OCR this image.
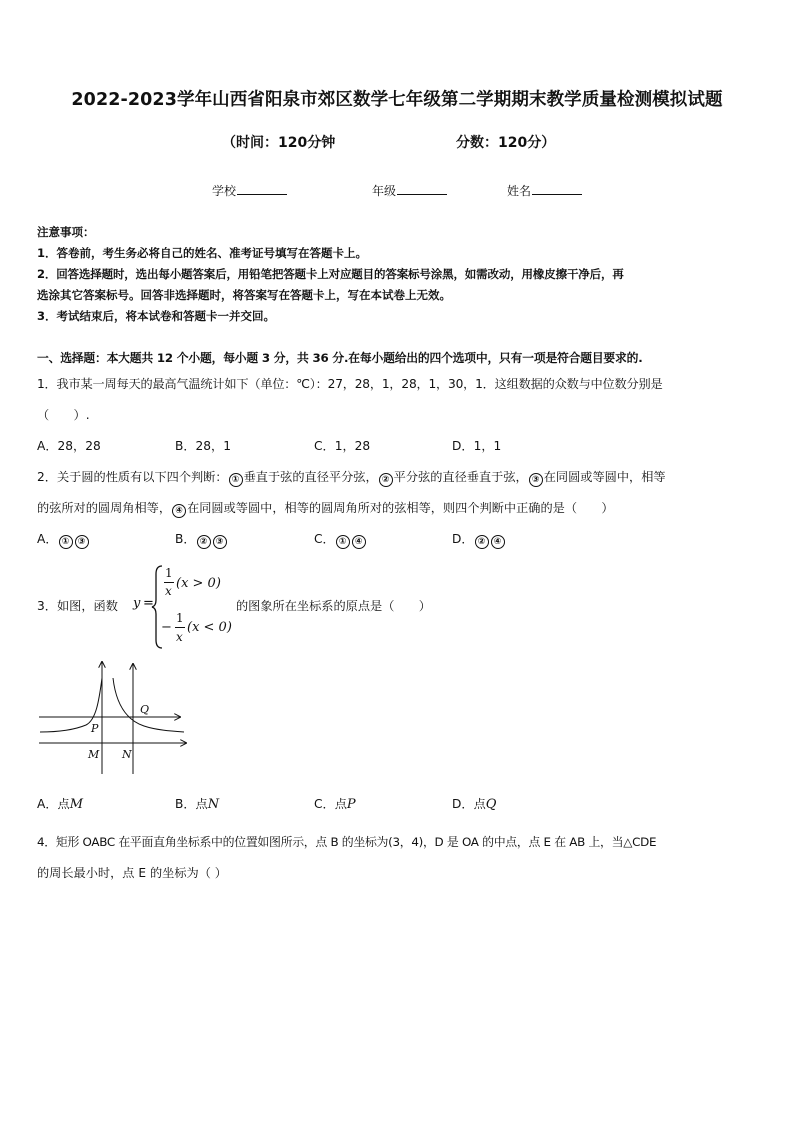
2022-2023学年山西省阳泉市郊区数学七年级第二学期期末教学质量检测模拟试题
（时间：120分钟	分数：120分）
学校	年级	姓名
注意事项：
1．答卷前，考生务必将自己的姓名、准考证号填写在答题卡上。
2．回答选择题时，选出每小题答案后，用铅笔把答题卡上对应题目的答案标号涂黑，如需改动，用橡皮擦干净后，再
选涂其它答案标号。回答非选择题时，将答案写在答题卡上，写在本试卷上无效。
3．考试结束后，将本试卷和答题卡一并交回。
一、选择题：本大题共 12 个小题，每小题 3 分，共 36 分.在每小题给出的四个选项中，只有一项是符合题目要求的.
1．我市某一周每天的最高气温统计如下（单位：℃）：27，28，1，28，1，30，1．这组数据的众数与中位数分别是
（　　）.
A．28，28	B．28，1	C．1，28	D．1，1
2．关于圆的性质有以下四个判断： ① 垂直于弦的直径平分弦， ② 平分弦的直径垂直于弦， ③ 在同圆或等圆中，相等
的弦所对的圆周角相等， ④ 在同圆或等圆中，相等的圆周角所对的弦相等，则四个判断中正确的是（　　）
A． ① ③	B． ② ③	C． ① ④	D． ② ④
3．如图，函数 y =
1
x (x > 0)
−
1
x
(x < 0)
的图象所在坐标系的原点是（　　）
Q
P
M N
A．点M	B．点N	C．点P	D．点Q
4．矩形 OABC 在平面直角坐标系中的位置如图所示，点 B 的坐标为(3，4)，D 是 OA 的中点，点 E 在 AB 上，当△CDE
的周长最小时，点 E 的坐标为（ ）
